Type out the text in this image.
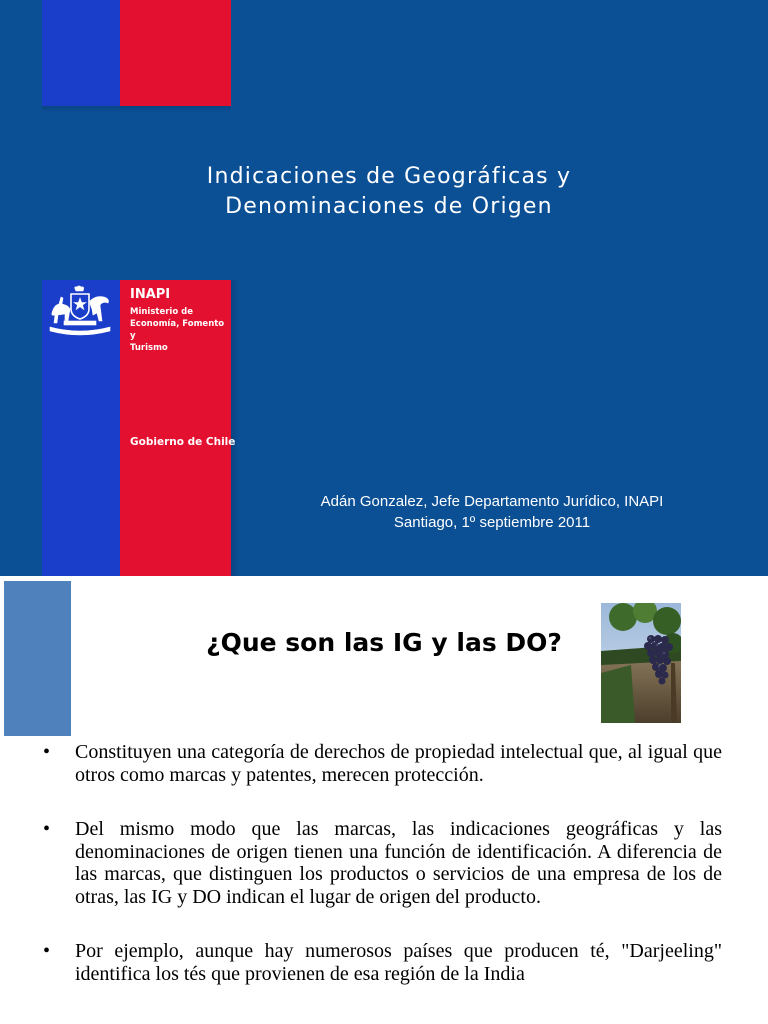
Indicaciones de Geográficas y
Denominaciones de Origen
INAPI
Ministerio de
Economía, Fomento y
Turismo
Gobierno de Chile
Adán Gonzalez, Jefe Departamento Jurídico, INAPI
Santiago, 1º septiembre 2011
¿Que son las IG y las DO?
• Constituyen una categoría de derechos de propiedad intelectual que, al igual que otros como marcas y patentes, merecen protección.
• Del mismo modo que las marcas, las indicaciones geográficas y las denominaciones de origen tienen una función de identificación. A diferencia de las marcas, que distinguen los productos o servicios de una empresa de los de otras, las IG y DO indican el lugar de origen del producto.
• Por ejemplo, aunque hay numerosos países que producen té, "Darjeeling" identifica los tés que provienen de esa región de la India
